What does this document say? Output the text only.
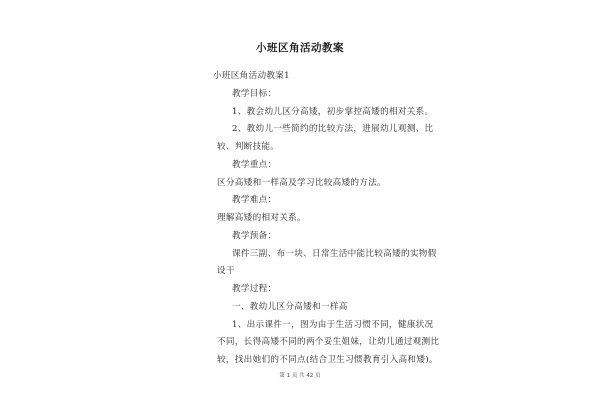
小班区角活动教案
小班区角活动教案1
教学目标：
1、教会幼儿区分高矮，初步掌控高矮的相对关系。
2、教幼儿一些简约的比较方法，进展幼儿观测、比
较、判断技能。
教学重点：
区分高矮和一样高及学习比较高矮的方法。
教学难点：
理解高矮的相对关系。
教学预备：
课件三副、布一块、日常生活中能比较高矮的实物假
设干
教学过程：
一、教幼儿区分高矮和一样高
1、出示课件一，图为由于生活习惯不同，健康状况
不同，长得高矮不同的两个妥生姐妹，让幼儿通过观测比
较，找出她们的不同点(结合卫生习惯教育引入高和矮)。
第 1 页 共 42 页
